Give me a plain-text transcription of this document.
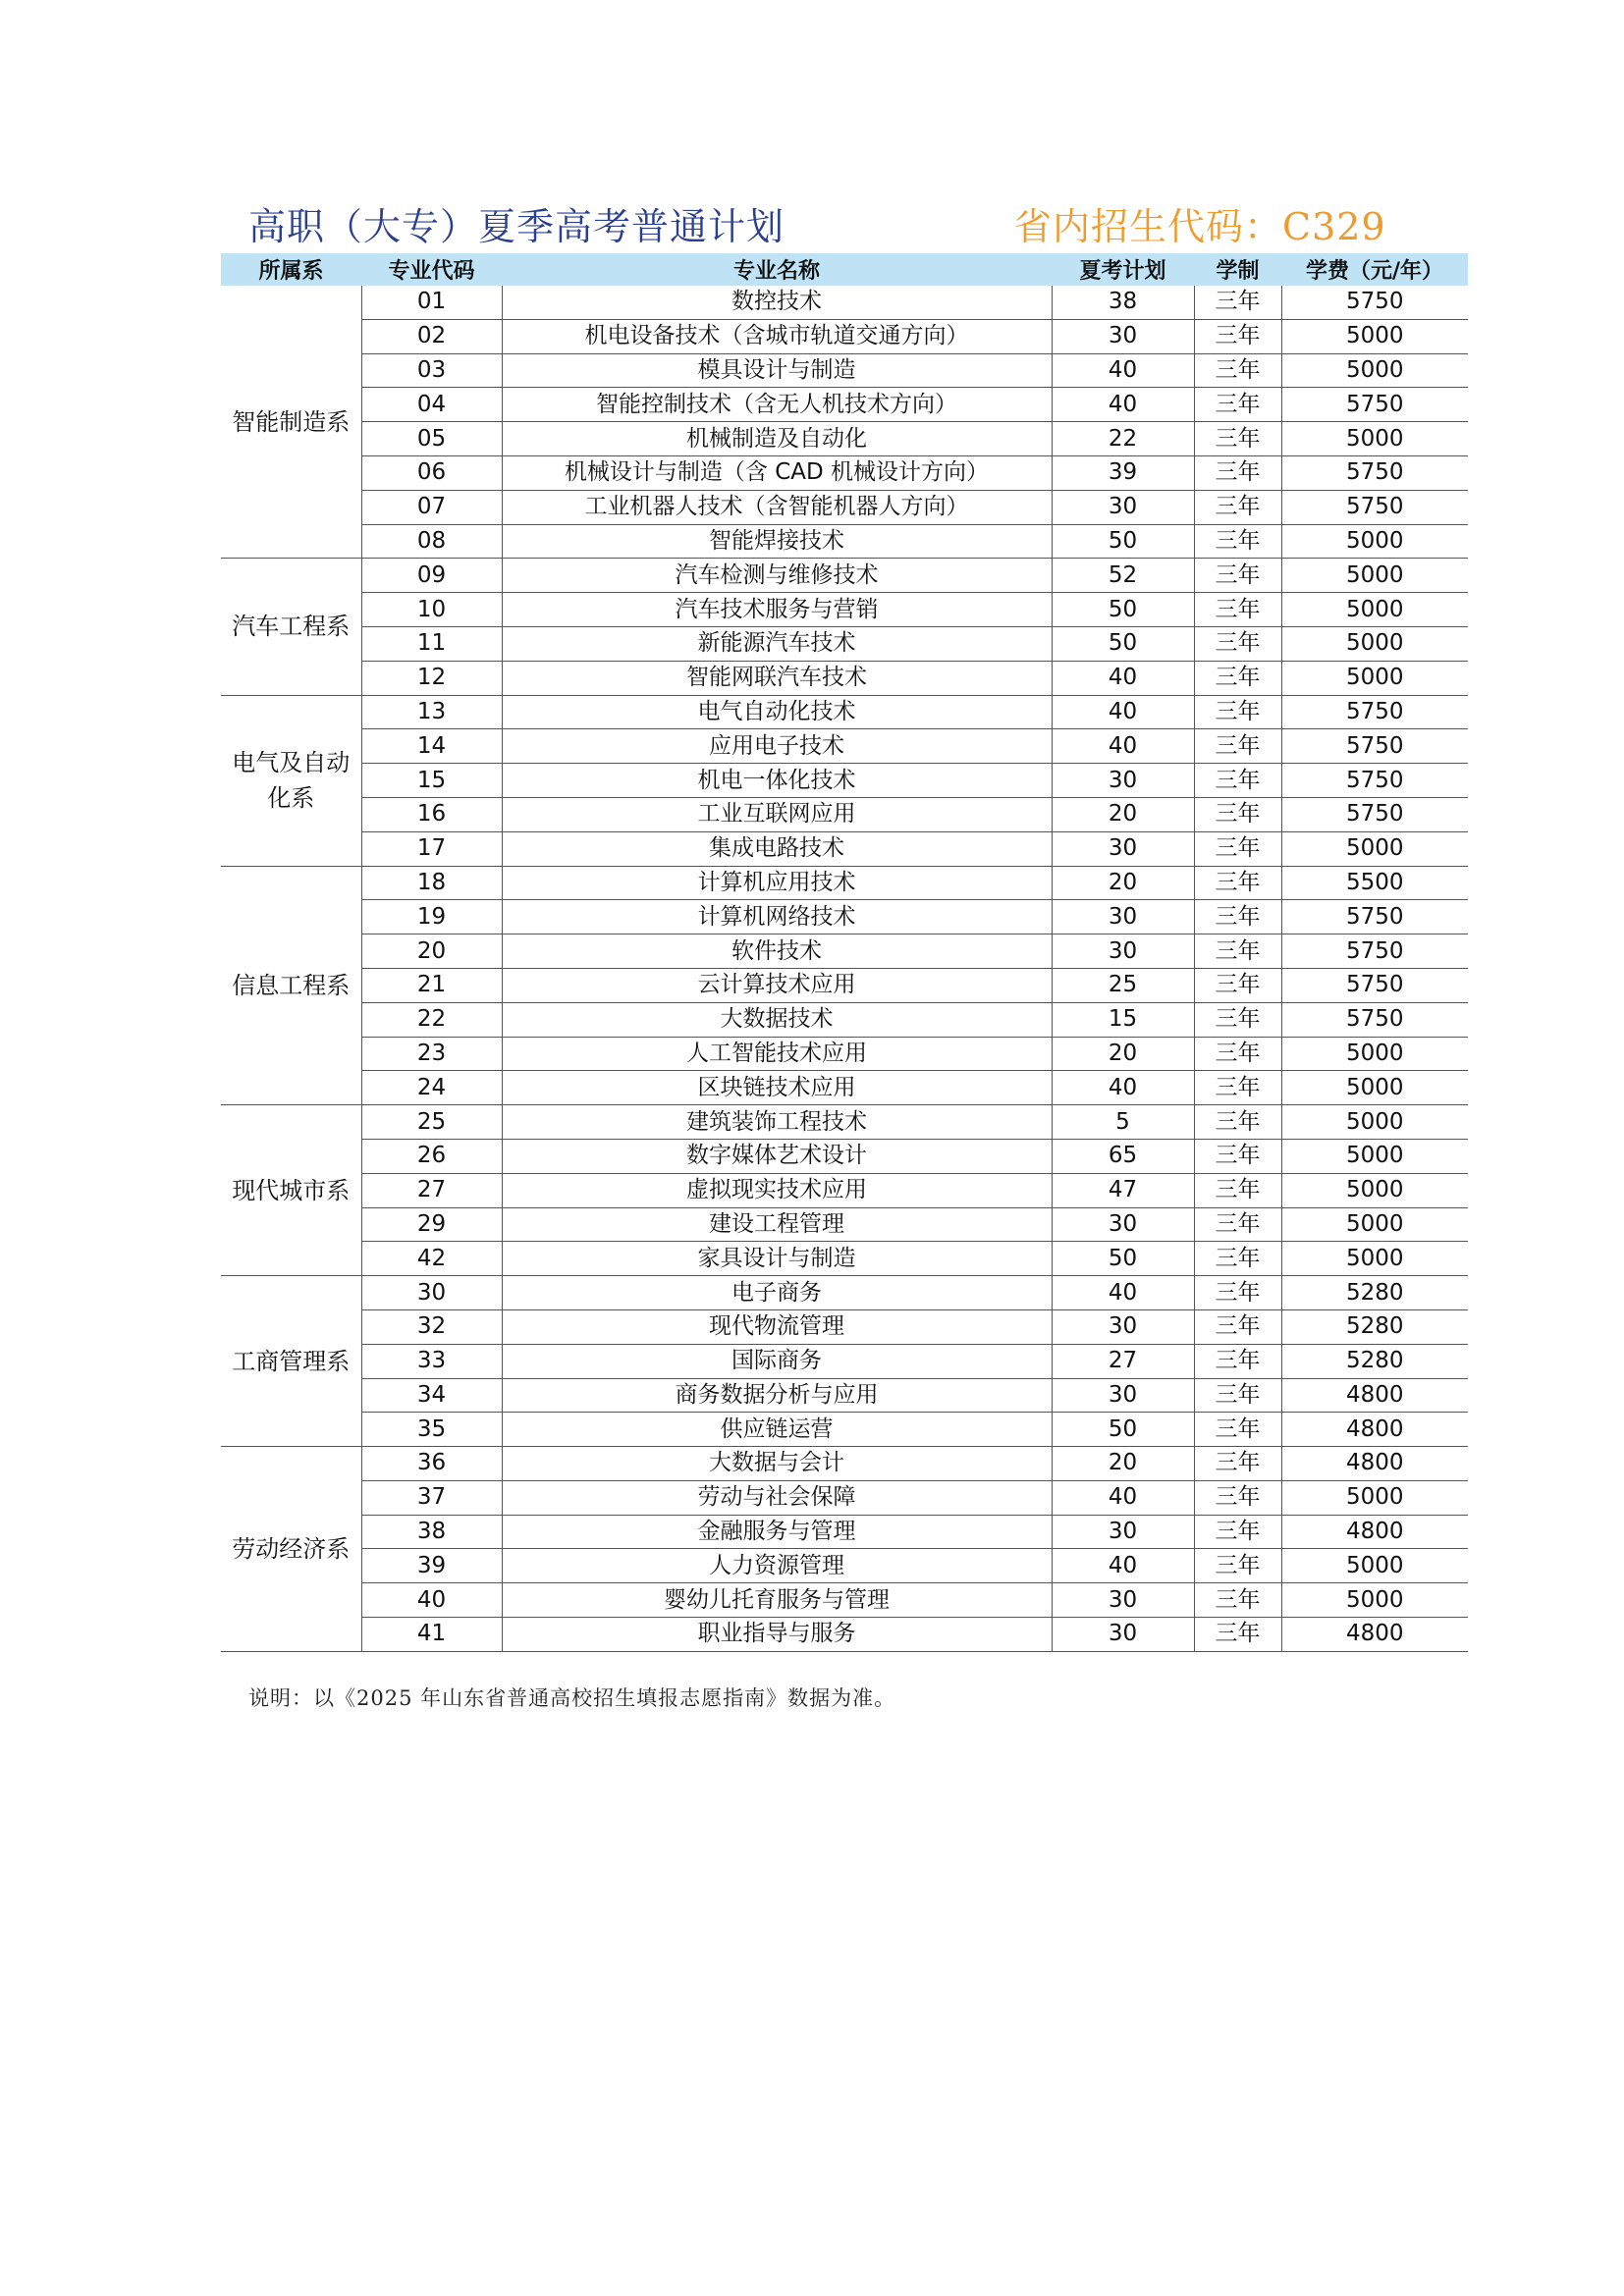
高职（大专）夏季高考普通计划	省内招生代码：C329
所属系	专业代码	专业名称	夏考计划	学制	学费（元/年）
智能制造系	01	数控技术	38	三年	5750
	02	机电设备技术（含城市轨道交通方向）	30	三年	5000
	03	模具设计与制造	40	三年	5000
	04	智能控制技术（含无人机技术方向）	40	三年	5750
	05	机械制造及自动化	22	三年	5000
	06	机械设计与制造（含 CAD 机械设计方向）	39	三年	5750
	07	工业机器人技术（含智能机器人方向）	30	三年	5750
	08	智能焊接技术	50	三年	5000
汽车工程系	09	汽车检测与维修技术	52	三年	5000
	10	汽车技术服务与营销	50	三年	5000
	11	新能源汽车技术	50	三年	5000
	12	智能网联汽车技术	40	三年	5000
电气及自动化系	13	电气自动化技术	40	三年	5750
	14	应用电子技术	40	三年	5750
	15	机电一体化技术	30	三年	5750
	16	工业互联网应用	20	三年	5750
	17	集成电路技术	30	三年	5000
信息工程系	18	计算机应用技术	20	三年	5500
	19	计算机网络技术	30	三年	5750
	20	软件技术	30	三年	5750
	21	云计算技术应用	25	三年	5750
	22	大数据技术	15	三年	5750
	23	人工智能技术应用	20	三年	5000
	24	区块链技术应用	40	三年	5000
现代城市系	25	建筑装饰工程技术	5	三年	5000
	26	数字媒体艺术设计	65	三年	5000
	27	虚拟现实技术应用	47	三年	5000
	29	建设工程管理	30	三年	5000
	42	家具设计与制造	50	三年	5000
工商管理系	30	电子商务	40	三年	5280
	32	现代物流管理	30	三年	5280
	33	国际商务	27	三年	5280
	34	商务数据分析与应用	30	三年	4800
	35	供应链运营	50	三年	4800
劳动经济系	36	大数据与会计	20	三年	4800
	37	劳动与社会保障	40	三年	5000
	38	金融服务与管理	30	三年	4800
	39	人力资源管理	40	三年	5000
	40	婴幼儿托育服务与管理	30	三年	5000
	41	职业指导与服务	30	三年	4800
说明：以《2025 年山东省普通高校招生填报志愿指南》数据为准。
